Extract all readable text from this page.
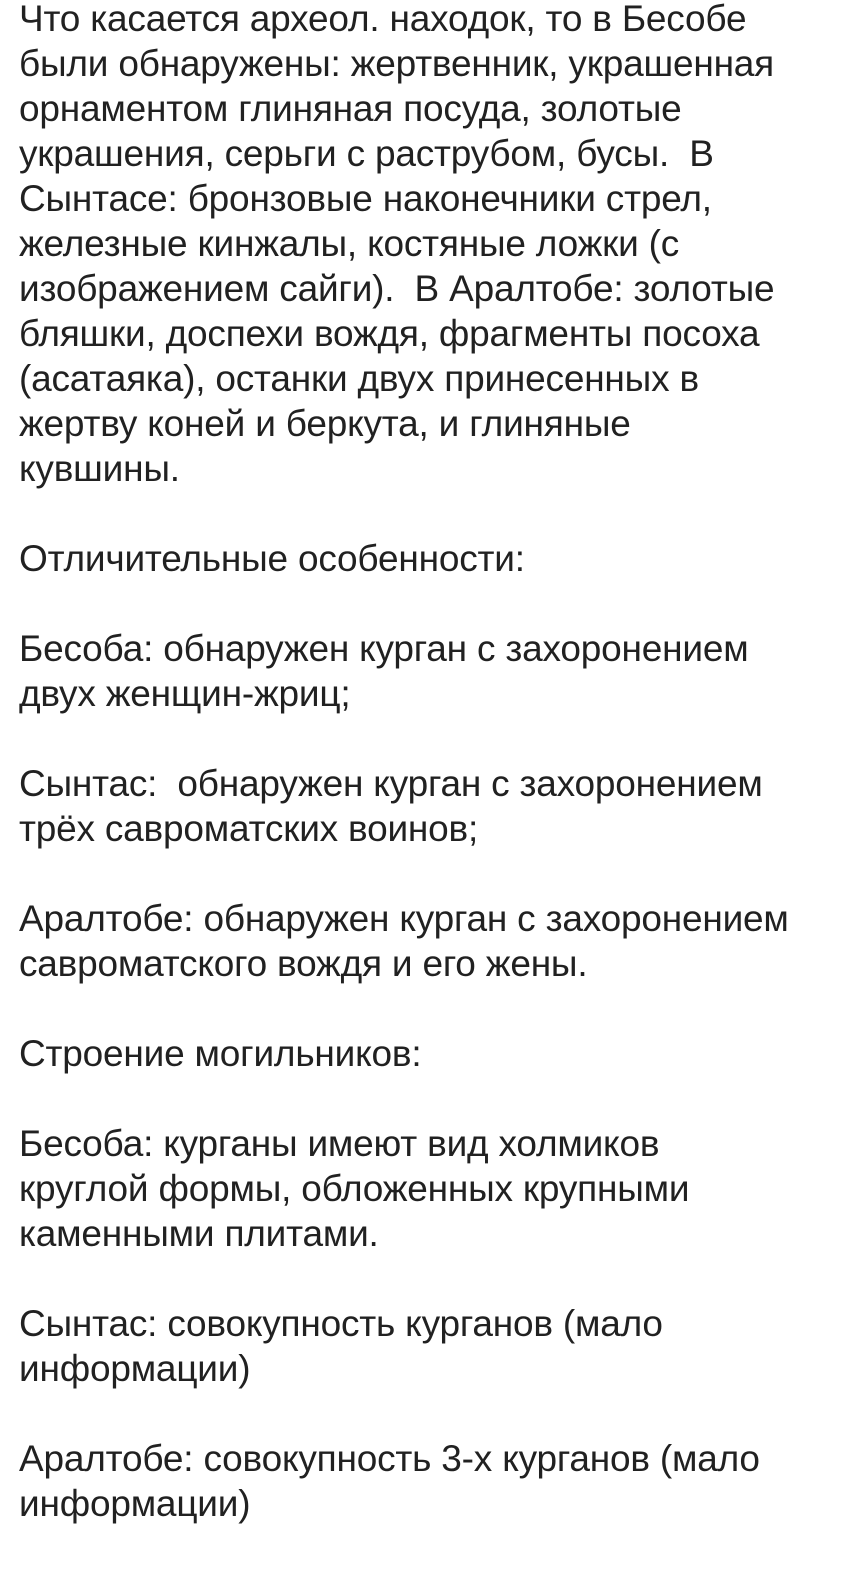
Что касается археол. находок, то в Бесобе
были обнаружены: жертвенник, украшенная
орнаментом глиняная посуда, золотые
украшения, серьги с раструбом, бусы.  В
Сынтасе: бронзовые наконечники стрел,
железные кинжалы, костяные ложки (с
изображением сайги).  В Аралтобе: золотые
бляшки, доспехи вождя, фрагменты посоха
(асатаяка), останки двух принесенных в
жертву коней и беркута, и глиняные
кувшины.
Отличительные особенности:
Бесоба: обнаружен курган с захоронением
двух женщин-жриц;
Сынтас:  обнаружен курган с захоронением
трёх савроматских воинов;
Аралтобе: обнаружен курган с захоронением
савроматского вождя и его жены.
Строение могильников:
Бесоба: курганы имеют вид холмиков
круглой формы, обложенных крупными
каменными плитами.
Сынтас: совокупность курганов (мало
информации)
Аралтобе: совокупность 3-х курганов (мало
информации)
